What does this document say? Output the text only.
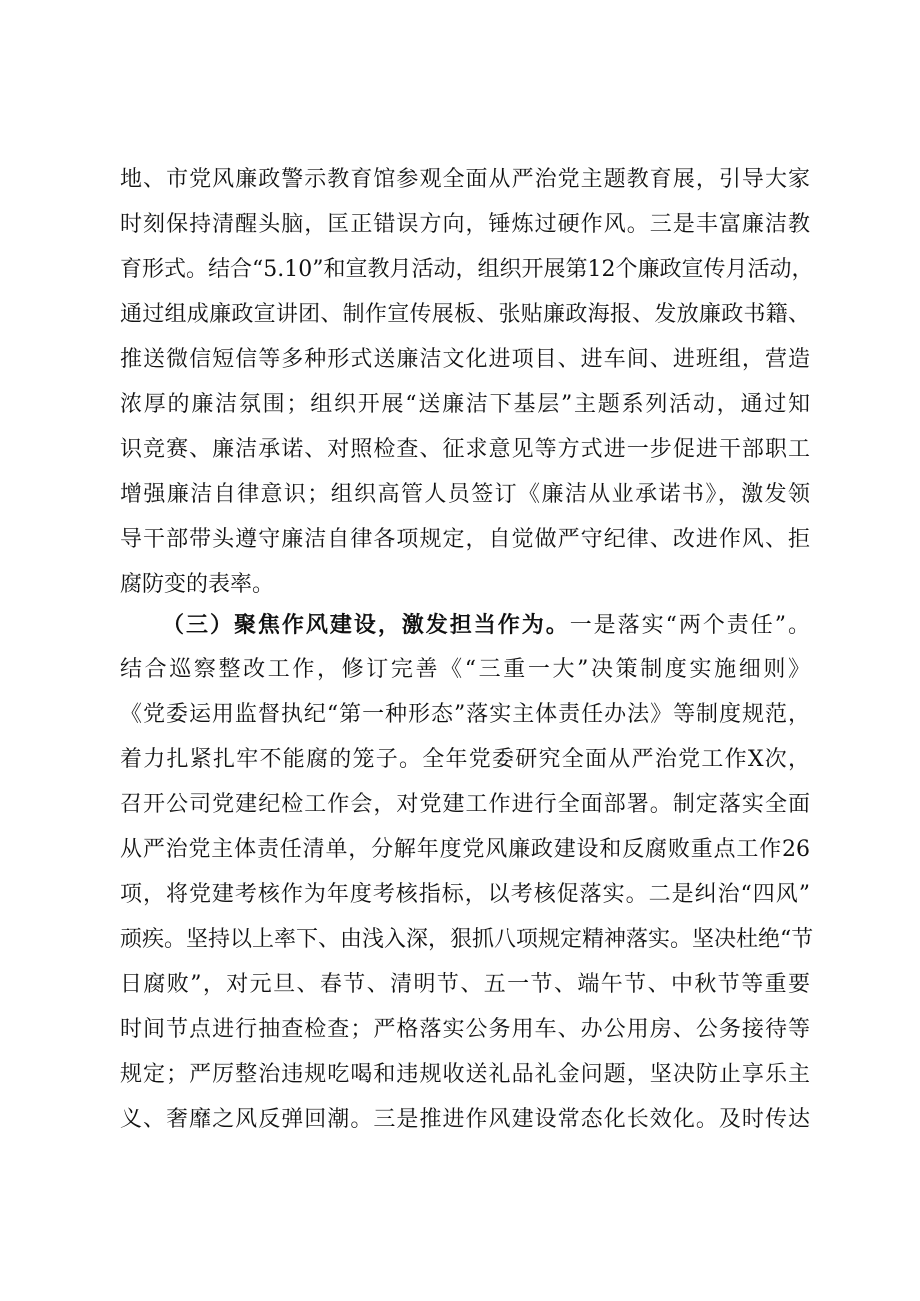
地、市党风廉政警示教育馆参观全面从严治党主题教育展，引导大家
时刻保持清醒头脑，匡正错误方向，锤炼过硬作风。三是丰富廉洁教
育形式。结合“5.10”和宣教月活动，组织开展第12个廉政宣传月活动，
通过组成廉政宣讲团、制作宣传展板、张贴廉政海报、发放廉政书籍、
推送微信短信等多种形式送廉洁文化进项目、进车间、进班组，营造
浓厚的廉洁氛围；组织开展“送廉洁下基层”主题系列活动，通过知
识竞赛、廉洁承诺、对照检查、征求意见等方式进一步促进干部职工
增强廉洁自律意识；组织高管人员签订《廉洁从业承诺书》，激发领
导干部带头遵守廉洁自律各项规定，自觉做严守纪律、改进作风、拒
腐防变的表率。
（三）聚焦作风建设，激发担当作为。一是落实“两个责任”。
结合巡察整改工作，修订完善《“三重一大”决策制度实施细则》
《党委运用监督执纪“第一种形态”落实主体责任办法》等制度规范，
着力扎紧扎牢不能腐的笼子。全年党委研究全面从严治党工作X次，
召开公司党建纪检工作会，对党建工作进行全面部署。制定落实全面
从严治党主体责任清单，分解年度党风廉政建设和反腐败重点工作26
项，将党建考核作为年度考核指标，以考核促落实。二是纠治“四风”
顽疾。坚持以上率下、由浅入深，狠抓八项规定精神落实。坚决杜绝“节
日腐败”，对元旦、春节、清明节、五一节、端午节、中秋节等重要
时间节点进行抽查检查；严格落实公务用车、办公用房、公务接待等
规定；严厉整治违规吃喝和违规收送礼品礼金问题，坚决防止享乐主
义、奢靡之风反弹回潮。三是推进作风建设常态化长效化。及时传达
